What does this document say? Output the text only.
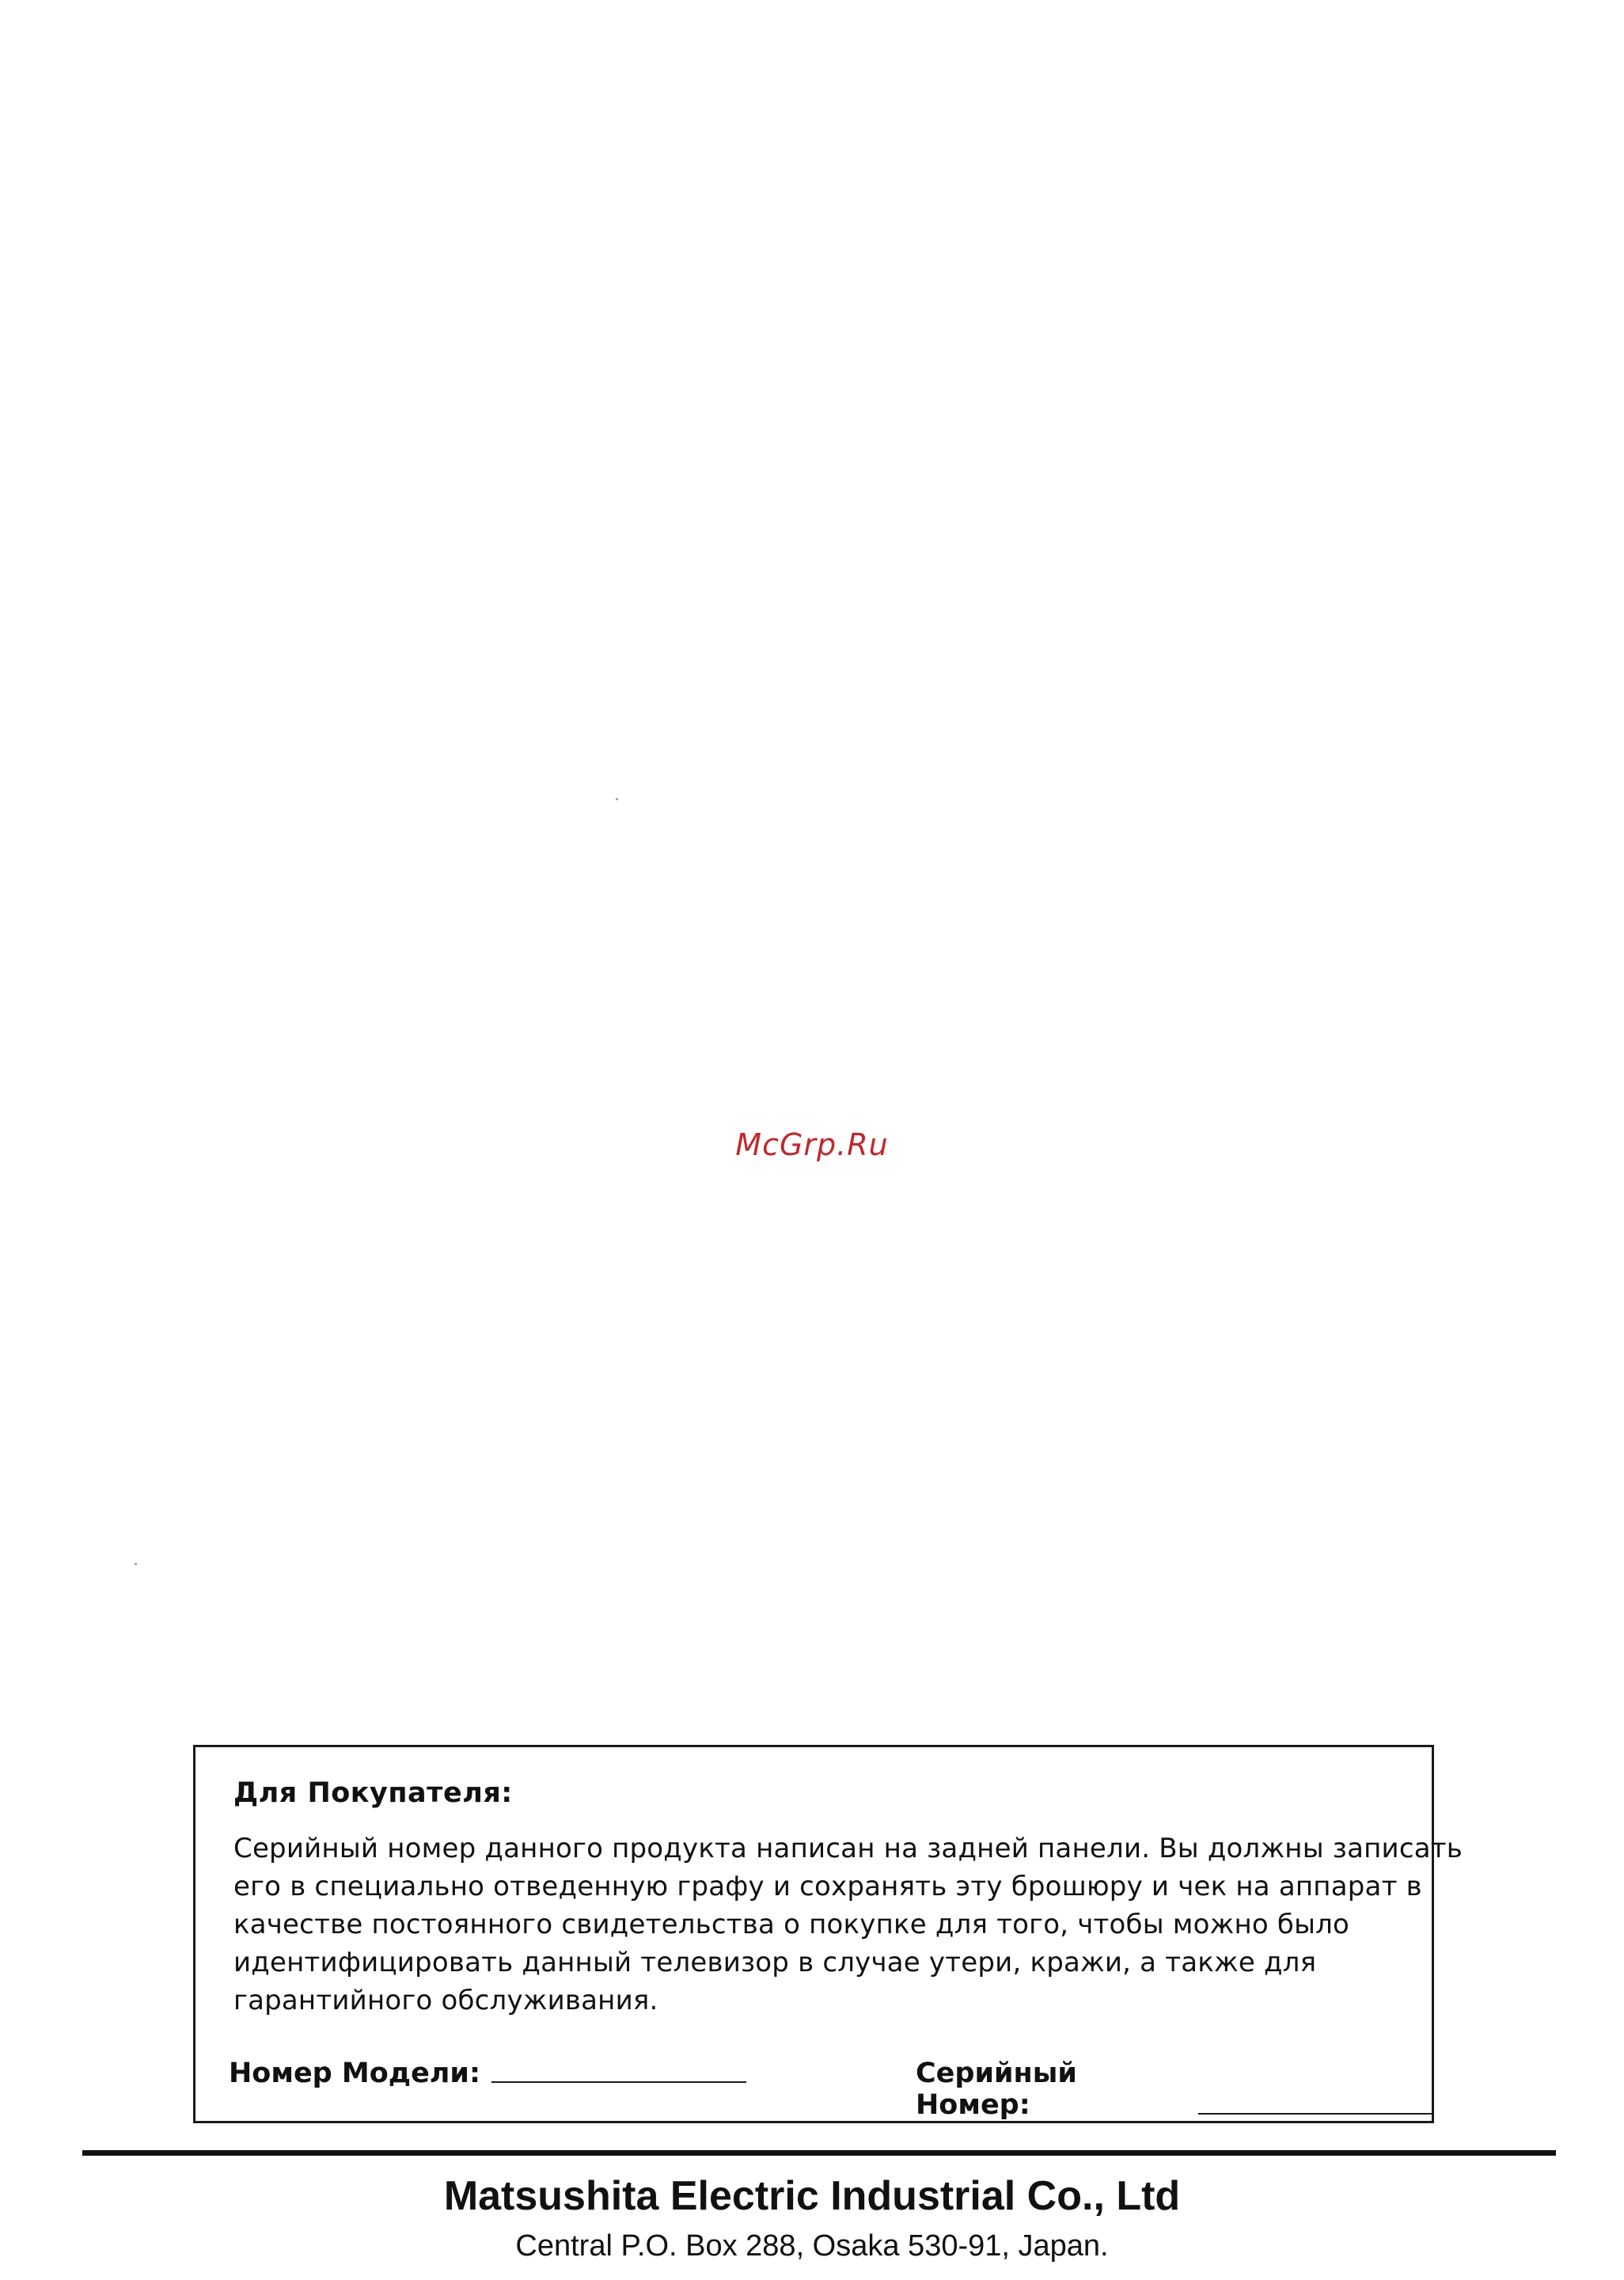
McGrp.Ru
Для Покупателя:
Серийный номер данного продукта написан на задней панели. Вы должны записать
его в специально отведенную графу и сохранять эту брошюру и чек на аппарат в
качестве постоянного свидетельства о покупке для того, чтобы можно было
идентифицировать данный телевизор в случае утери, кражи, а также для
гарантийного обслуживания.
Номер Модели:	Серийный Номер:
Matsushita Electric Industrial Co., Ltd
Central P.O. Box 288, Osaka 530-91, Japan.
